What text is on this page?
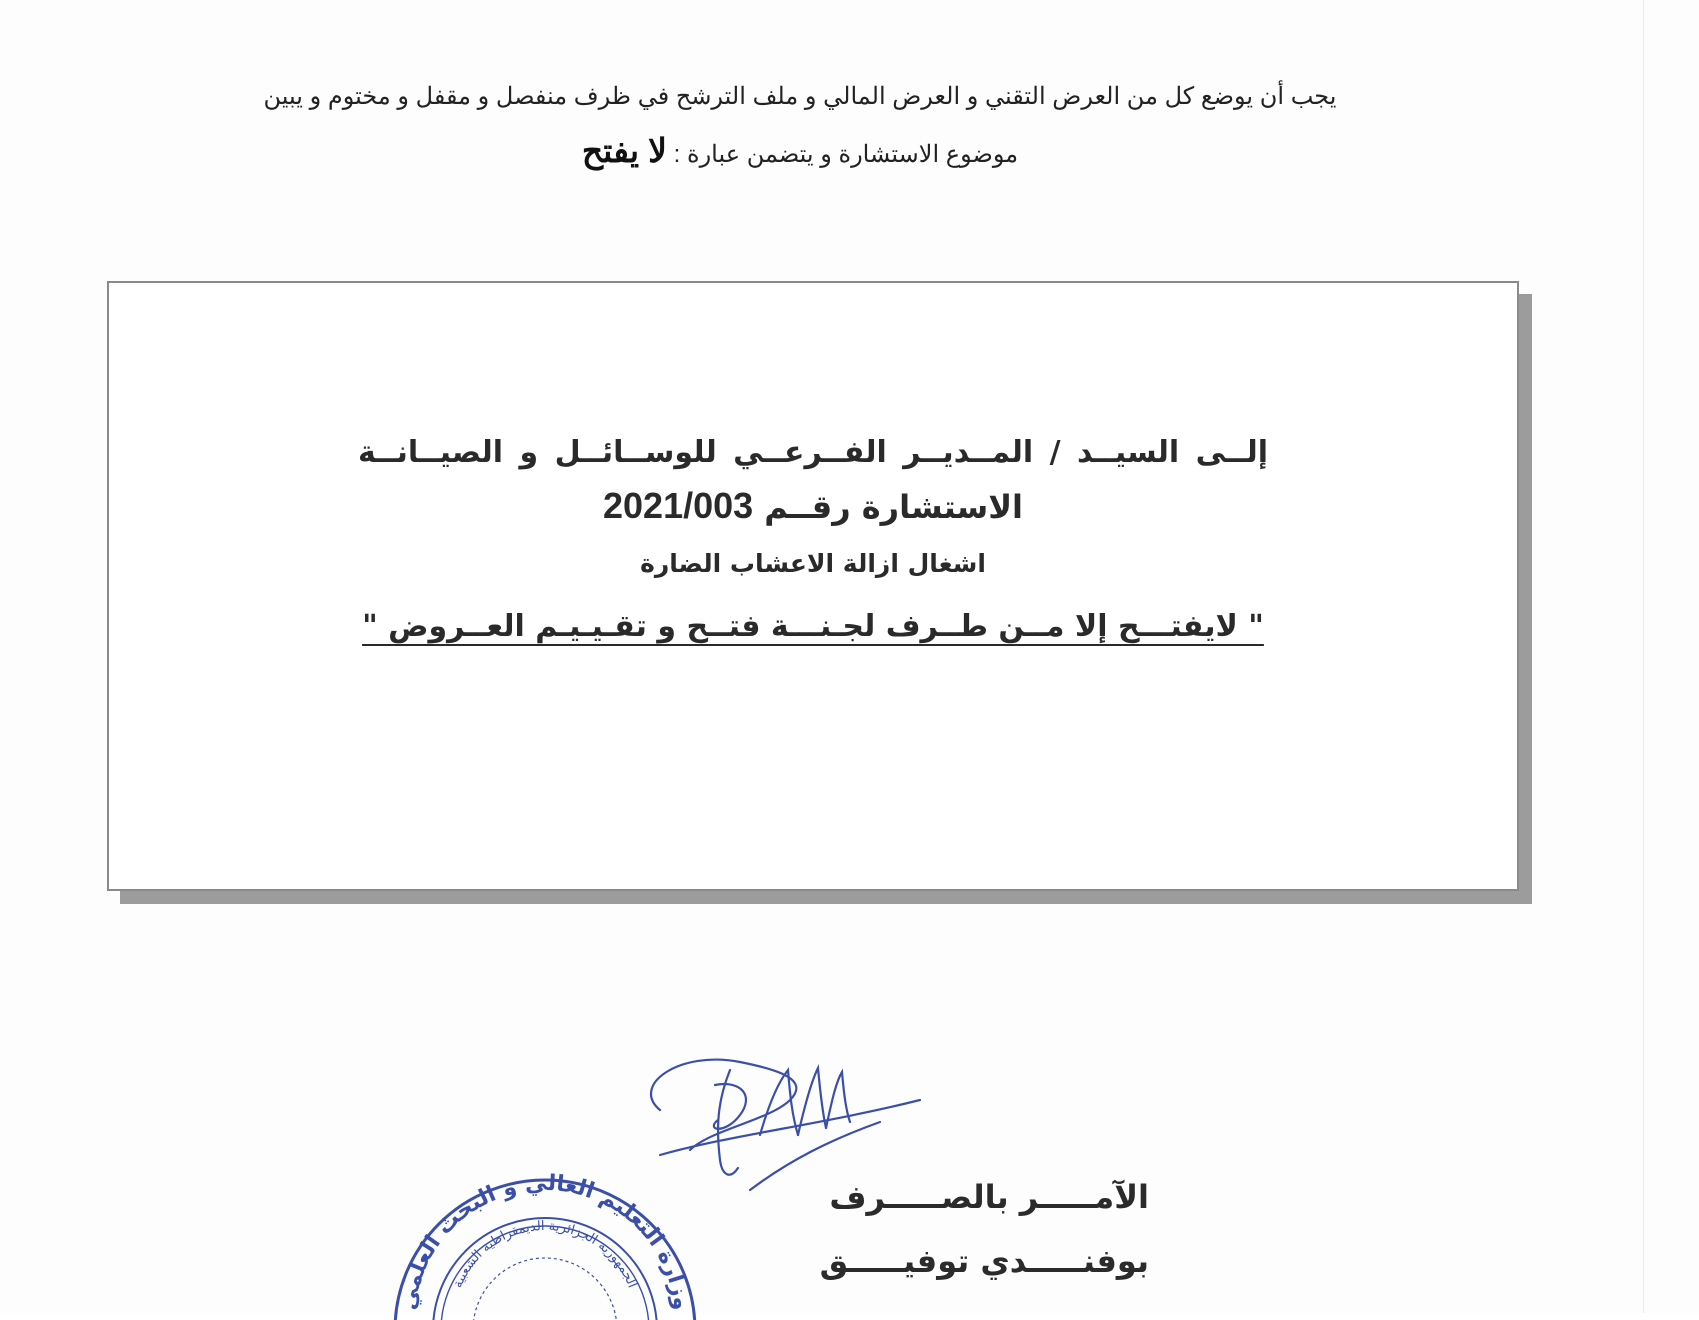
يجب أن يوضع كل من العرض التقني و العرض المالي و ملف الترشح في ظرف منفصل و مقفل و مختوم و يبين
موضوع الاستشارة و يتضمن عبارة : لا يفتح
إلــى السيــد / المــديــر الفــرعــي للوســائــل و الصيــانــة
الاستشارة رقــم 2021/003
اشغال ازالة الاعشاب الضارة
" لايفتـــح إلا مــن طــرف لجـنـــة فتــح و تقـيـيـم العــروض "
وزارة التعليم العالي و البحث العلمي
الجمهورية الجزائرية الديمقراطية الشعبية
الآمـــــر بالصـــــرف
بوفنـــــدي توفيـــــق
